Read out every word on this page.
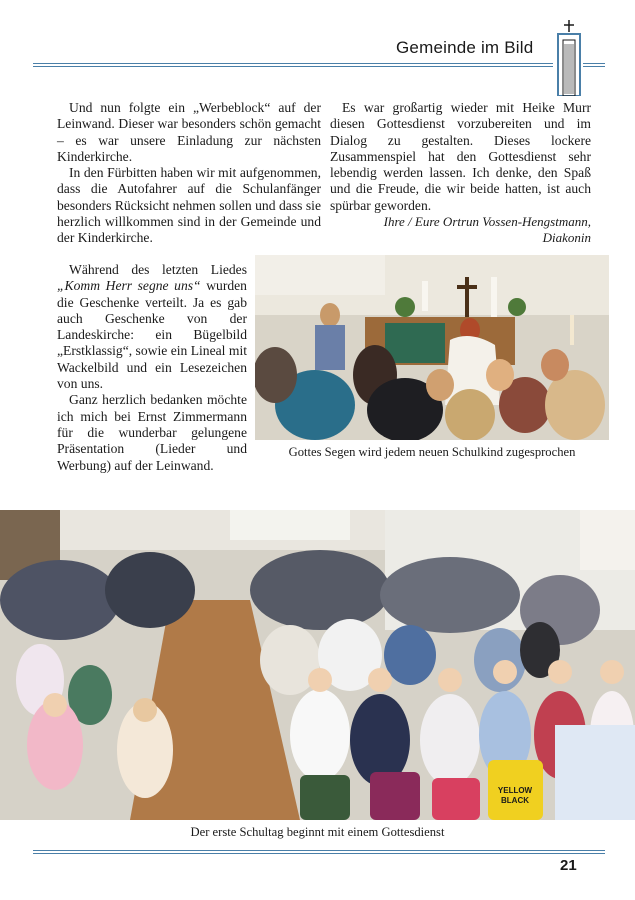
Gemeinde im Bild

Und nun folgte ein „Werbeblock“ auf der Leinwand. Dieser war besonders schön gemacht – es war unsere Einladung zur nächsten Kinderkirche.

In den Fürbitten haben wir mit aufgenommen, dass die Autofahrer auf die Schulanfänger besonders Rücksicht nehmen sollen und dass sie herzlich willkommen sind in der Gemeinde und der Kinderkirche.

Während des letzten Liedes „Komm Herr segne uns“ wurden die Geschenke verteilt. Ja es gab auch Geschenke von der Landeskirche: ein Bügelbild „Erstklassig“, sowie ein Lineal mit Wackelbild und ein Lesezeichen von uns.

Ganz herzlich bedanken möchte ich mich bei Ernst Zimmermann für die wunderbar gelungene Präsentation (Lieder und Werbung) auf der Leinwand.

Es war großartig wieder mit Heike Murr diesen Gottesdienst vorzubereiten und im Dialog zu gestalten. Dieses lockere Zusammenspiel hat den Gottesdienst sehr lebendig werden lassen. Ich denke, den Spaß und die Freude, die wir beide hatten, ist auch spürbar geworden.

Ihre / Eure Ortrun Vossen-Hengstmann,
Diakonin
Gottes Segen wird jedem neuen Schulkind zugesprochen
YELLOW
BLACK
Der erste Schultag beginnt mit einem Gottesdienst
21
